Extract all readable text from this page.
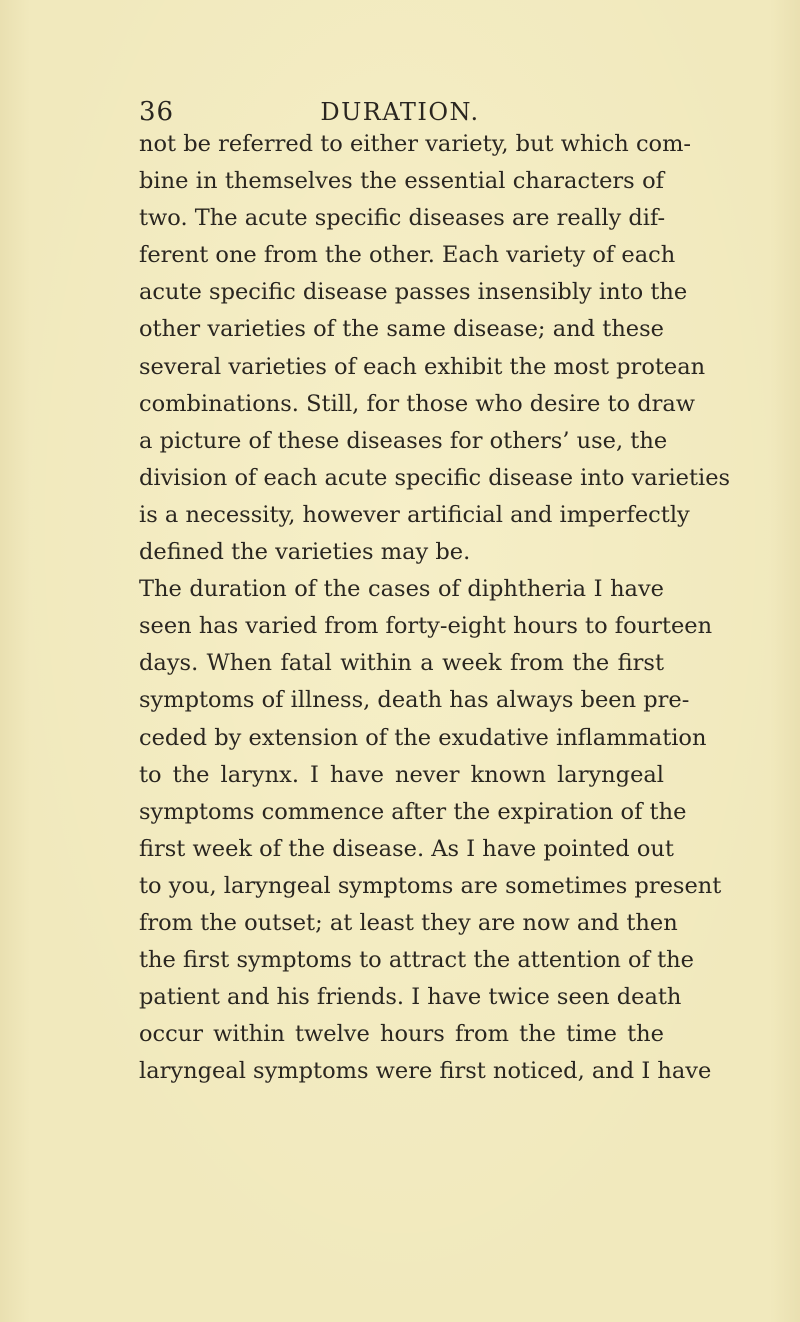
36	DURATION.
not be referred to either variety, but which com-
bine in themselves the essential characters of
two. The acute specific diseases are really dif-
ferent one from the other. Each variety of each
acute specific disease passes insensibly into the
other varieties of the same disease; and these
several varieties of each exhibit the most protean
combinations. Still, for those who desire to draw
a picture of these diseases for others’ use, the
division of each acute specific disease into varieties
is a necessity, however artificial and imperfectly
defined the varieties may be.
The duration of the cases of diphtheria I have
seen has varied from forty-eight hours to fourteen
days. When fatal within a week from the first
symptoms of illness, death has always been pre-
ceded by extension of the exudative inflammation
to the larynx. I have never known laryngeal
symptoms commence after the expiration of the
first week of the disease. As I have pointed out
to you, laryngeal symptoms are sometimes present
from the outset; at least they are now and then
the first symptoms to attract the attention of the
patient and his friends. I have twice seen death
occur within twelve hours from the time the
laryngeal symptoms were first noticed, and I have
